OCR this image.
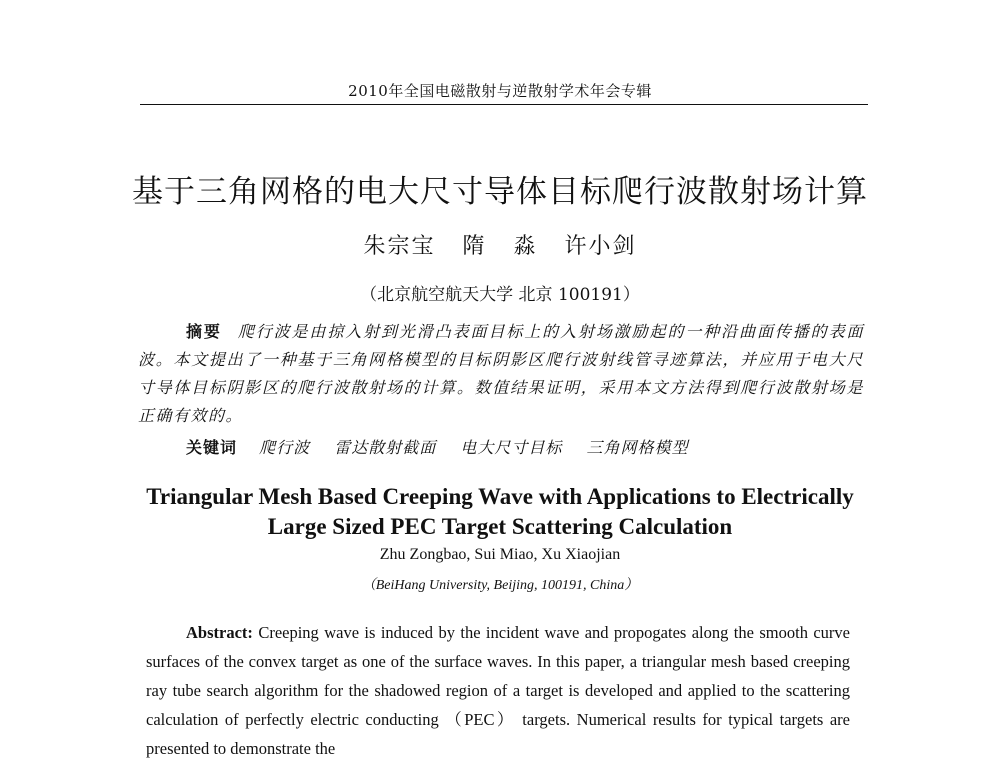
2010年全国电磁散射与逆散射学术年会专辑
基于三角网格的电大尺寸导体目标爬行波散射场计算
朱宗宝 隋 淼 许小剑
（北京航空航天大学 北京 100191）
摘要 爬行波是由掠入射到光滑凸表面目标上的入射场激励起的一种沿曲面传播的表面波。本文提出了一种基于三角网格模型的目标阴影区爬行波射线管寻迹算法，并应用于电大尺寸导体目标阴影区的爬行波散射场的计算。数值结果证明，采用本文方法得到爬行波散射场是正确有效的。
关键词 爬行波 雷达散射截面 电大尺寸目标 三角网格模型
Triangular Mesh Based Creeping Wave with Applications to Electrically
Large Sized PEC Target Scattering Calculation
Zhu Zongbao, Sui Miao, Xu Xiaojian
（BeiHang University, Beijing, 100191, China）
Abstract: Creeping wave is induced by the incident wave and propogates along the smooth curve surfaces of the convex target as one of the surface waves. In this paper, a triangular mesh based creeping ray tube search algorithm for the shadowed region of a target is developed and applied to the scattering calculation of perfectly electric conducting （PEC） targets. Numerical results for typical targets are presented to demonstrate the
